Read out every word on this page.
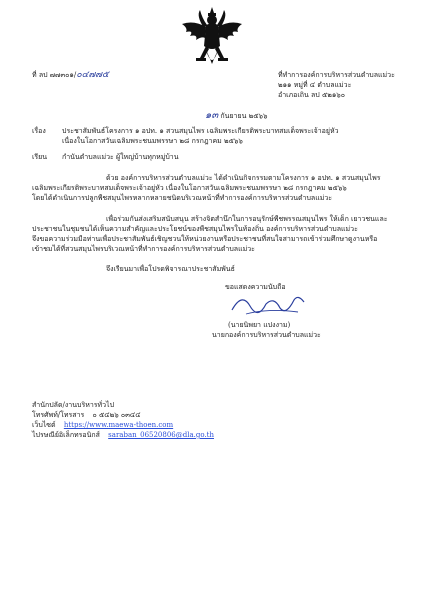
ที่ ลป ๗๗๓๐๑/๐๔๗๗๕	ที่ทำการองค์การบริหารส่วนตำบลแม่วะ
๒๑๑ หมู่ที่ ๔ ตำบลแม่วะ
อำเภอเถิน ลป ๕๒๑๖๐
๑๓ กันยายน ๒๕๖๖
เรื่อง ประชาสัมพันธ์โครงการ ๑ อปท. ๑ สวนสมุนไพร เฉลิมพระเกียรติพระบาทสมเด็จพระเจ้าอยู่หัว
เนื่องในโอกาสวันเฉลิมพระชนมพรรษา ๒๘ กรกฎาคม ๒๕๖๖
เรียน กำนันตำบลแม่วะ ผู้ใหญ่บ้านทุกหมู่บ้าน
ด้วย องค์การบริหารส่วนตำบลแม่วะ ได้ดำเนินกิจกรรมตามโครงการ ๑ อปท. ๑ สวนสมุนไพร
เฉลิมพระเกียรติพระบาทสมเด็จพระเจ้าอยู่หัว เนื่องในโอกาสวันเฉลิมพระชนมพรรษา ๒๘ กรกฎาคม ๒๕๖๖
โดยได้ดำเนินการปลูกพืชสมุนไพรหลากหลายชนิดบริเวณหน้าที่ทำการองค์การบริหารส่วนตำบลแม่วะ
เพื่อร่วมกันส่งเสริมสนับสนุน สร้างจิตสำนึกในการอนุรักษ์พืชพรรณสมุนไพร ให้เด็ก เยาวชนและ
ประชาชนในชุมชนได้เห็นความสำคัญและประโยชน์ของพืชสมุนไพรในท้องถิ่น องค์การบริหารส่วนตำบลแม่วะ
จึงขอความร่วมมือท่านเพื่อประชาสัมพันธ์เชิญชวนให้หน่วยงานหรือประชาชนที่สนใจสามารถเข้าร่วมศึกษาดูงานหรือ
เข้าชมได้ที่สวนสมุนไพรบริเวณหน้าที่ทำการองค์การบริหารส่วนตำบลแม่วะ
จึงเรียนมาเพื่อโปรดพิจารณาประชาสัมพันธ์
ขอแสดงความนับถือ
(นายนิพยา แปงงาม)
นายกองค์การบริหารส่วนตำบลแม่วะ
สำนักปลัด/งานบริหารทั่วไป
โทรศัพท์/โทรสาร ๐ ๕๔๒๖ ๐๓๔๔
เว็บไซต์ https://www.maewa-thoen.com
ไปรษณีย์อิเล็กทรอนิกส์ saraban_06520806@dla.go.th
